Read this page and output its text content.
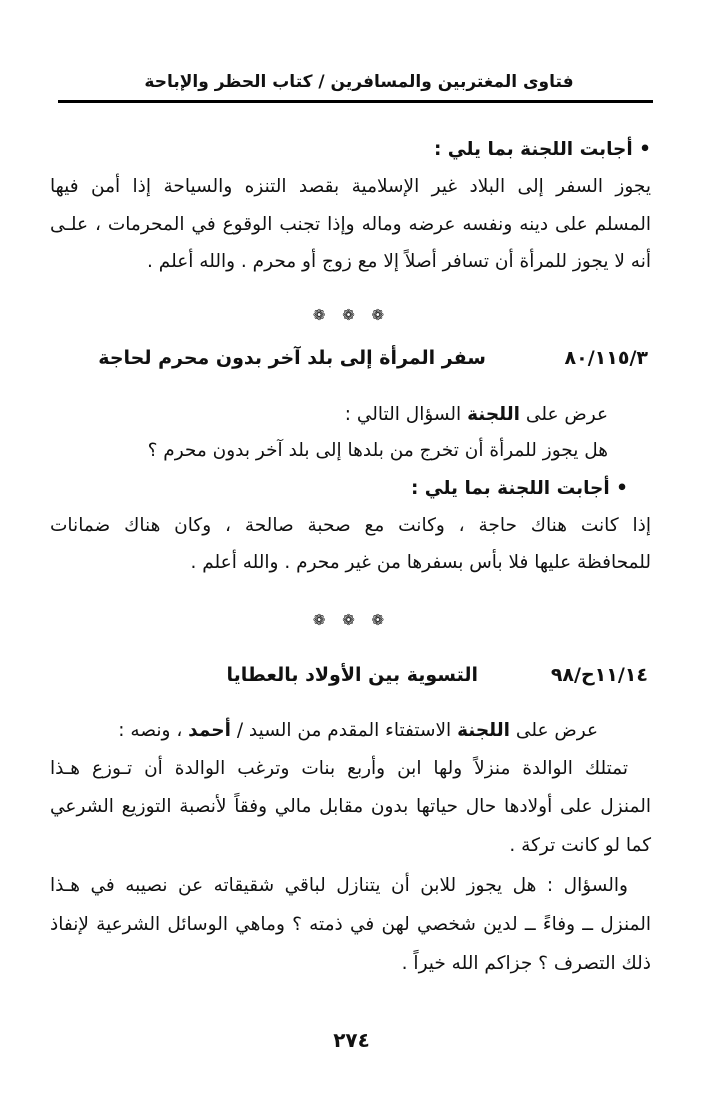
فتاوى المغتربين والمسافرين / كتاب الحظر والإباحة
• أجابت اللجنة بما يلي :
يجوز السفر إلى البلاد غير الإسلامية بقصد التنزه والسياحة إذا أمن فيها
المسلم على دينه ونفسه عرضه وماله وإذا تجنب الوقوع في المحرمات ، علـى
أنه لا يجوز للمرأة أن تسافر أصلاً إلا مع زوج أو محرم . والله أعلم .
❁ ❁ ❁
٨٠/١١٥/٣
سفر المرأة إلى بلد آخر بدون محرم لحاجة
عرض على اللجنة السؤال التالي :
هل يجوز للمرأة أن تخرج من بلدها إلى بلد آخر بدون محرم ؟
• أجابت اللجنة بما يلي :
إذا كانت هناك حاجة ، وكانت مع صحبة صالحة ، وكان هناك ضمانات
للمحافظة عليها فلا بأس بسفرها من غير محرم . والله أعلم .
❁ ❁ ❁
١١/١٤ح/٩٨
التسوية بين الأولاد بالعطايا
عرض على اللجنة الاستفتاء المقدم من السيد / أحمد ، ونصه :
تمتلك الوالدة منزلاً ولها ابن وأربع بنات وترغب الوالدة أن تـوزع هـذا
المنزل على أولادها حال حياتها بدون مقابل مالي وفقاً لأنصبة التوزيع الشرعي
كما لو كانت تركة .
والسؤال : هل يجوز للابن أن يتنازل لباقي شقيقاته عن نصيبه في هـذا
المنزل ــ وفاءً ــ لدين شخصي لهن في ذمته ؟ وماهي الوسائل الشرعية لإنفاذ
ذلك التصرف ؟ جزاكم الله خيراً .
٢٧٤
